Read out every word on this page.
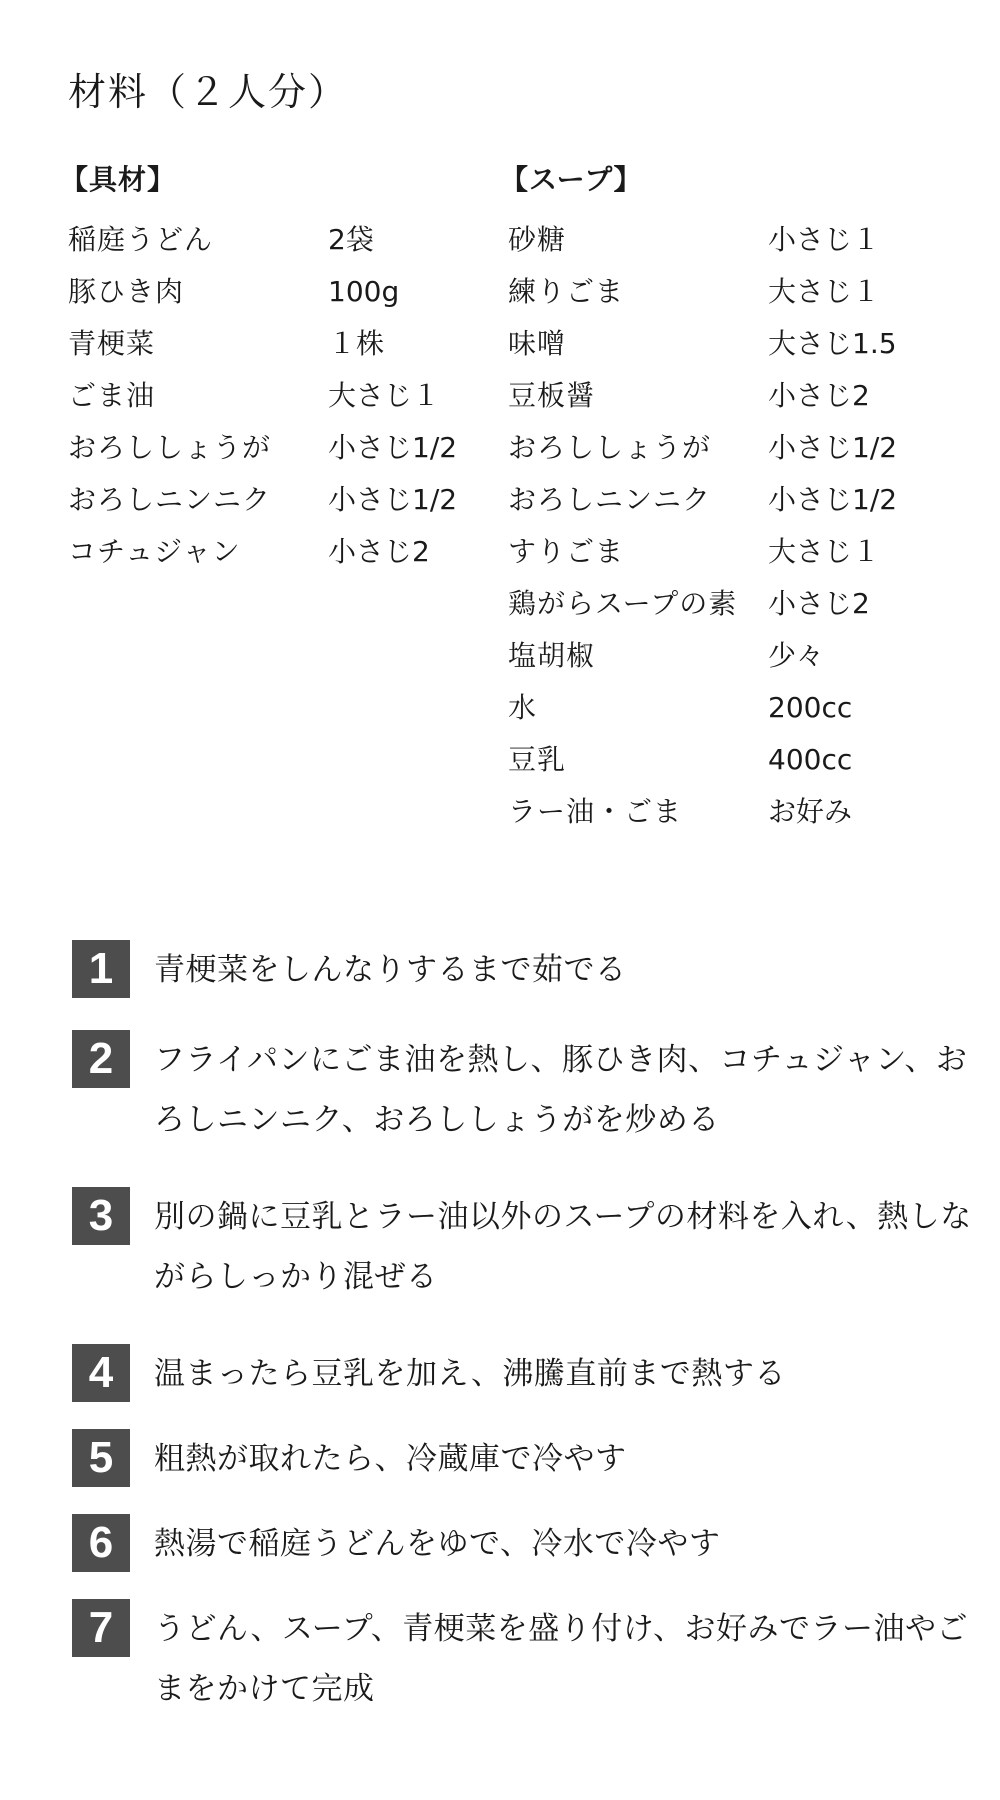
材料（２人分）
【具材】
稲庭うどん	2袋
豚ひき肉	100g
青梗菜	１株
ごま油	大さじ１
おろししょうが 小さじ1/2
おろしニンニク 小さじ1/2
コチュジャン	小さじ2
【スープ】
砂糖	小さじ１
練りごま	大さじ１
味噌	大さじ1.5
豆板醤	小さじ2
おろししょうが 小さじ1/2
おろしニンニク 小さじ1/2
すりごま	大さじ１
鶏がらスープの素 小さじ2
塩胡椒	少々
水	200cc
豆乳	400cc
ラー油・ごま	お好み
1	青梗菜をしんなりするまで茹でる
2	フライパンにごま油を熱し、豚ひき肉、コチュジャン、おろしニンニク、おろししょうがを炒める
3	別の鍋に豆乳とラー油以外のスープの材料を入れ、熱しながらしっかり混ぜる
4	温まったら豆乳を加え、沸騰直前まで熱する
5	粗熱が取れたら、冷蔵庫で冷やす
6	熱湯で稲庭うどんをゆで、冷水で冷やす
7	うどん、スープ、青梗菜を盛り付け、お好みでラー油やごまをかけて完成
